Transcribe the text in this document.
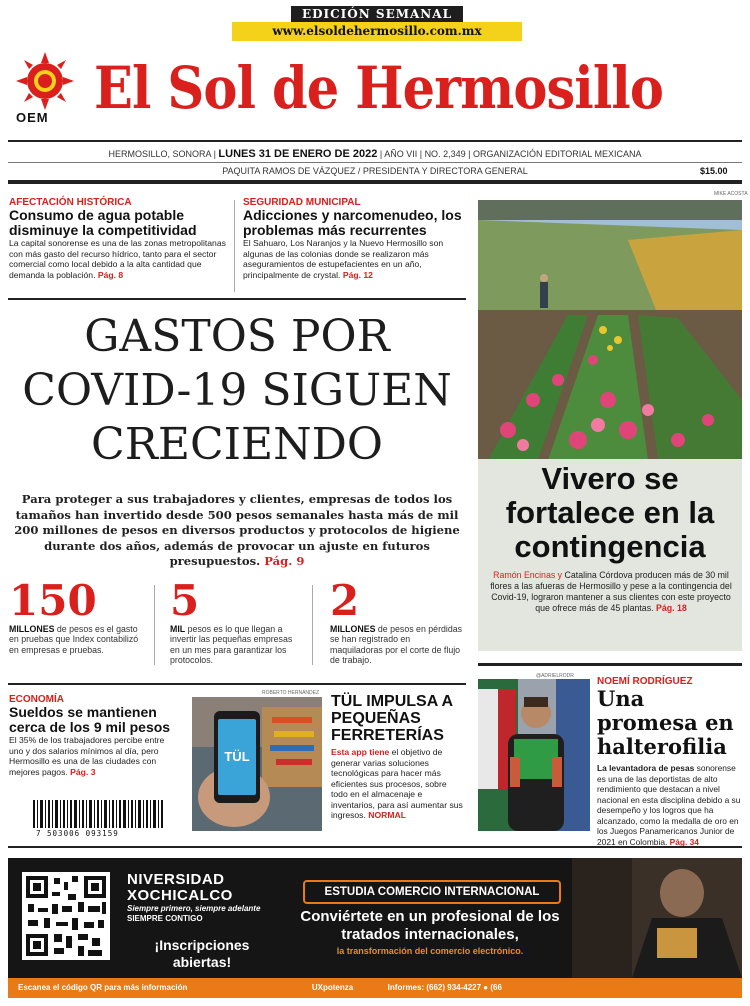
EDICIÓN SEMANAL
www.elsoldehermosillo.com.mx
OEM El Sol de Hermosillo
HERMOSILLO, SONORA | LUNES 31 DE ENERO DE 2022 | AÑO VII | NO. 2,349 | ORGANIZACIÓN EDITORIAL MEXICANA
PAQUITA RAMOS DE VÁZQUEZ / PRESIDENTA Y DIRECTORA GENERAL	$15.00
AFECTACIÓN HISTÓRICA
Consumo de agua potable disminuye la competitividad
La capital sonorense es una de las zonas metropolitanas con más gasto del recurso hídrico, tanto para el sector comercial como local debido a la alta cantidad que demanda la población. Pág. 8
SEGURIDAD MUNICIPAL
Adicciones y narcomenudeo, los problemas más recurrentes
El Sahuaro, Los Naranjos y la Nuevo Hermosillo son algunas de las colonias donde se realizaron más aseguramientos de estupefacientes en un año, principalmente de crystal. Pág. 12
GASTOS POR
COVID-19 SIGUEN
CRECIENDO
Para proteger a sus trabajadores y clientes, empresas de todos los tamaños han invertido desde 500 pesos semanales hasta más de mil 200 millones de pesos en diversos productos y protocolos de higiene durante dos años, además de provocar un ajuste en futuros presupuestos. Pág. 9
150
MILLONES de pesos es el gasto en pruebas que Index contabilizó en empresas e pruebas.
5
MIL pesos es lo que llegan a invertir las pequeñas empresas en un mes para garantizar los protocolos.
2
MILLONES de pesos en pérdidas se han registrado en maquiladoras por el corte de flujo de trabajo.
ECONOMÍA
Sueldos se mantienen cerca de los 9 mil pesos
El 35% de los trabajadores percibe entre uno y dos salarios mínimos al día, pero Hermosillo es una de las ciudades con mejores pagos. Pág. 3
7 503006 093159
ROBERTO HERNÁNDEZ
TÜL
TÜL IMPULSA A PEQUEÑAS FERRETERÍAS
Esta app tiene el objetivo de generar varias soluciones tecnológicas para hacer más eficientes sus procesos, sobre todo en el almacenaje e inventarios, para así aumentar sus ingresos. NORMAL
MIKE ACOSTA
Vivero se fortalece en la contingencia
Ramón Encinas y Catalina Córdova producen más de 30 mil flores a las afueras de Hermosillo y pese a la contingencia del Covid-19, lograron mantener a sus clientes con este proyecto que ofrece más de 45 plantas. Pág. 18
@ADRIELRODR NOEMÍ RODRÍGUEZ
Una promesa en halterofilia
La levantadora de pesas sonorense es una de las deportistas de alto rendimiento que destacan a nivel nacional en esta disciplina debido a su desempeño y los logros que ha alcanzado, como la medalla de oro en los Juegos Panamericanos Junior de 2021 en Colombia. Pág. 34
NIVERSIDAD
XOCHICALCO
Siempre primero, siempre adelante
SIEMPRE CONTIGO
¡Inscripciones abiertas!
ESTUDIA COMERCIO INTERNACIONAL
Conviértete en un profesional de los tratados internacionales,
la transformación del comercio electrónico.
Escanea el código QR para más información	UXpotenza	Informes: (662) 934-4227 ● (66
